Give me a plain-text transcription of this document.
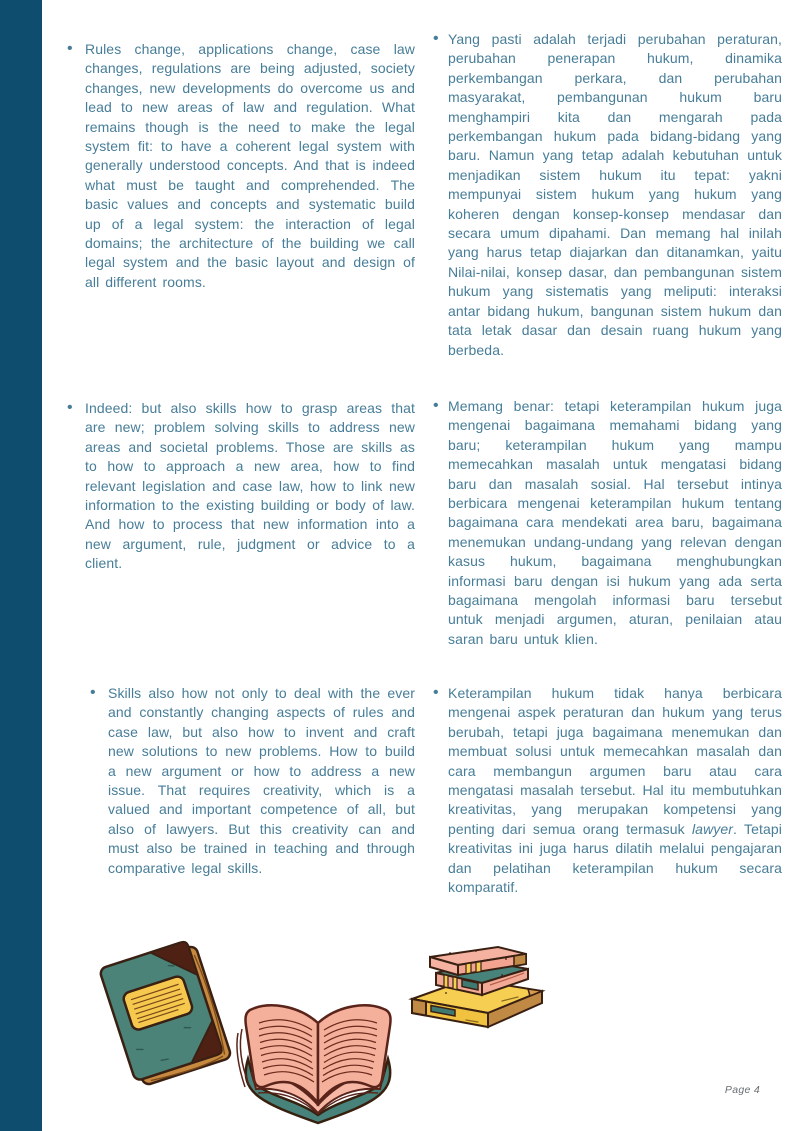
• Rules change, applications change, case law changes, regulations are being adjusted, society changes, new developments do overcome us and lead to new areas of law and regulation. What remains though is the need to make the legal system fit: to have a coherent legal system with generally understood concepts. And that is indeed what must be taught and comprehended. The basic values and concepts and systematic build up of a legal system: the interaction of legal domains; the architecture of the building we call legal system and the basic layout and design of all different rooms.
• Indeed: but also skills how to grasp areas that are new; problem solving skills to address new areas and societal problems. Those are skills as to how to approach a new area, how to find relevant legislation and case law, how to link new information to the existing building or body of law. And how to process that new information into a new argument, rule, judgment or advice to a client.
• Skills also how not only to deal with the ever and constantly changing aspects of rules and case law, but also how to invent and craft new solutions to new problems. How to build a new argument or how to address a new issue. That requires creativity, which is a valued and important competence of all, but also of lawyers. But this creativity can and must also be trained in teaching and through comparative legal skills.
• Yang pasti adalah terjadi perubahan peraturan, perubahan penerapan hukum, dinamika perkembangan perkara, dan perubahan masyarakat, pembangunan hukum baru menghampiri kita dan mengarah pada perkembangan hukum pada bidang-bidang yang baru. Namun yang tetap adalah kebutuhan untuk menjadikan sistem hukum itu tepat: yakni mempunyai sistem hukum yang hukum yang koheren dengan konsep-konsep mendasar dan secara umum dipahami. Dan memang hal inilah yang harus tetap diajarkan dan ditanamkan, yaitu Nilai-nilai, konsep dasar, dan pembangunan sistem hukum yang sistematis yang meliputi: interaksi antar bidang hukum, bangunan sistem hukum dan tata letak dasar dan desain ruang hukum yang berbeda.
• Memang benar: tetapi keterampilan hukum juga mengenai bagaimana memahami bidang yang baru; keterampilan hukum yang mampu memecahkan masalah untuk mengatasi bidang baru dan masalah sosial. Hal tersebut intinya berbicara mengenai keterampilan hukum tentang bagaimana cara mendekati area baru, bagaimana menemukan undang-undang yang relevan dengan kasus hukum, bagaimana menghubungkan informasi baru dengan isi hukum yang ada serta bagaimana mengolah informasi baru tersebut untuk menjadi argumen, aturan, penilaian atau saran baru untuk klien.
• Keterampilan hukum tidak hanya berbicara mengenai aspek peraturan dan hukum yang terus berubah, tetapi juga bagaimana menemukan dan membuat solusi untuk memecahkan masalah dan cara membangun argumen baru atau cara mengatasi masalah tersebut. Hal itu membutuhkan kreativitas, yang merupakan kompetensi yang penting dari semua orang termasuk lawyer. Tetapi kreativitas ini juga harus dilatih melalui pengajaran dan pelatihan keterampilan hukum secara komparatif.
Page 4
